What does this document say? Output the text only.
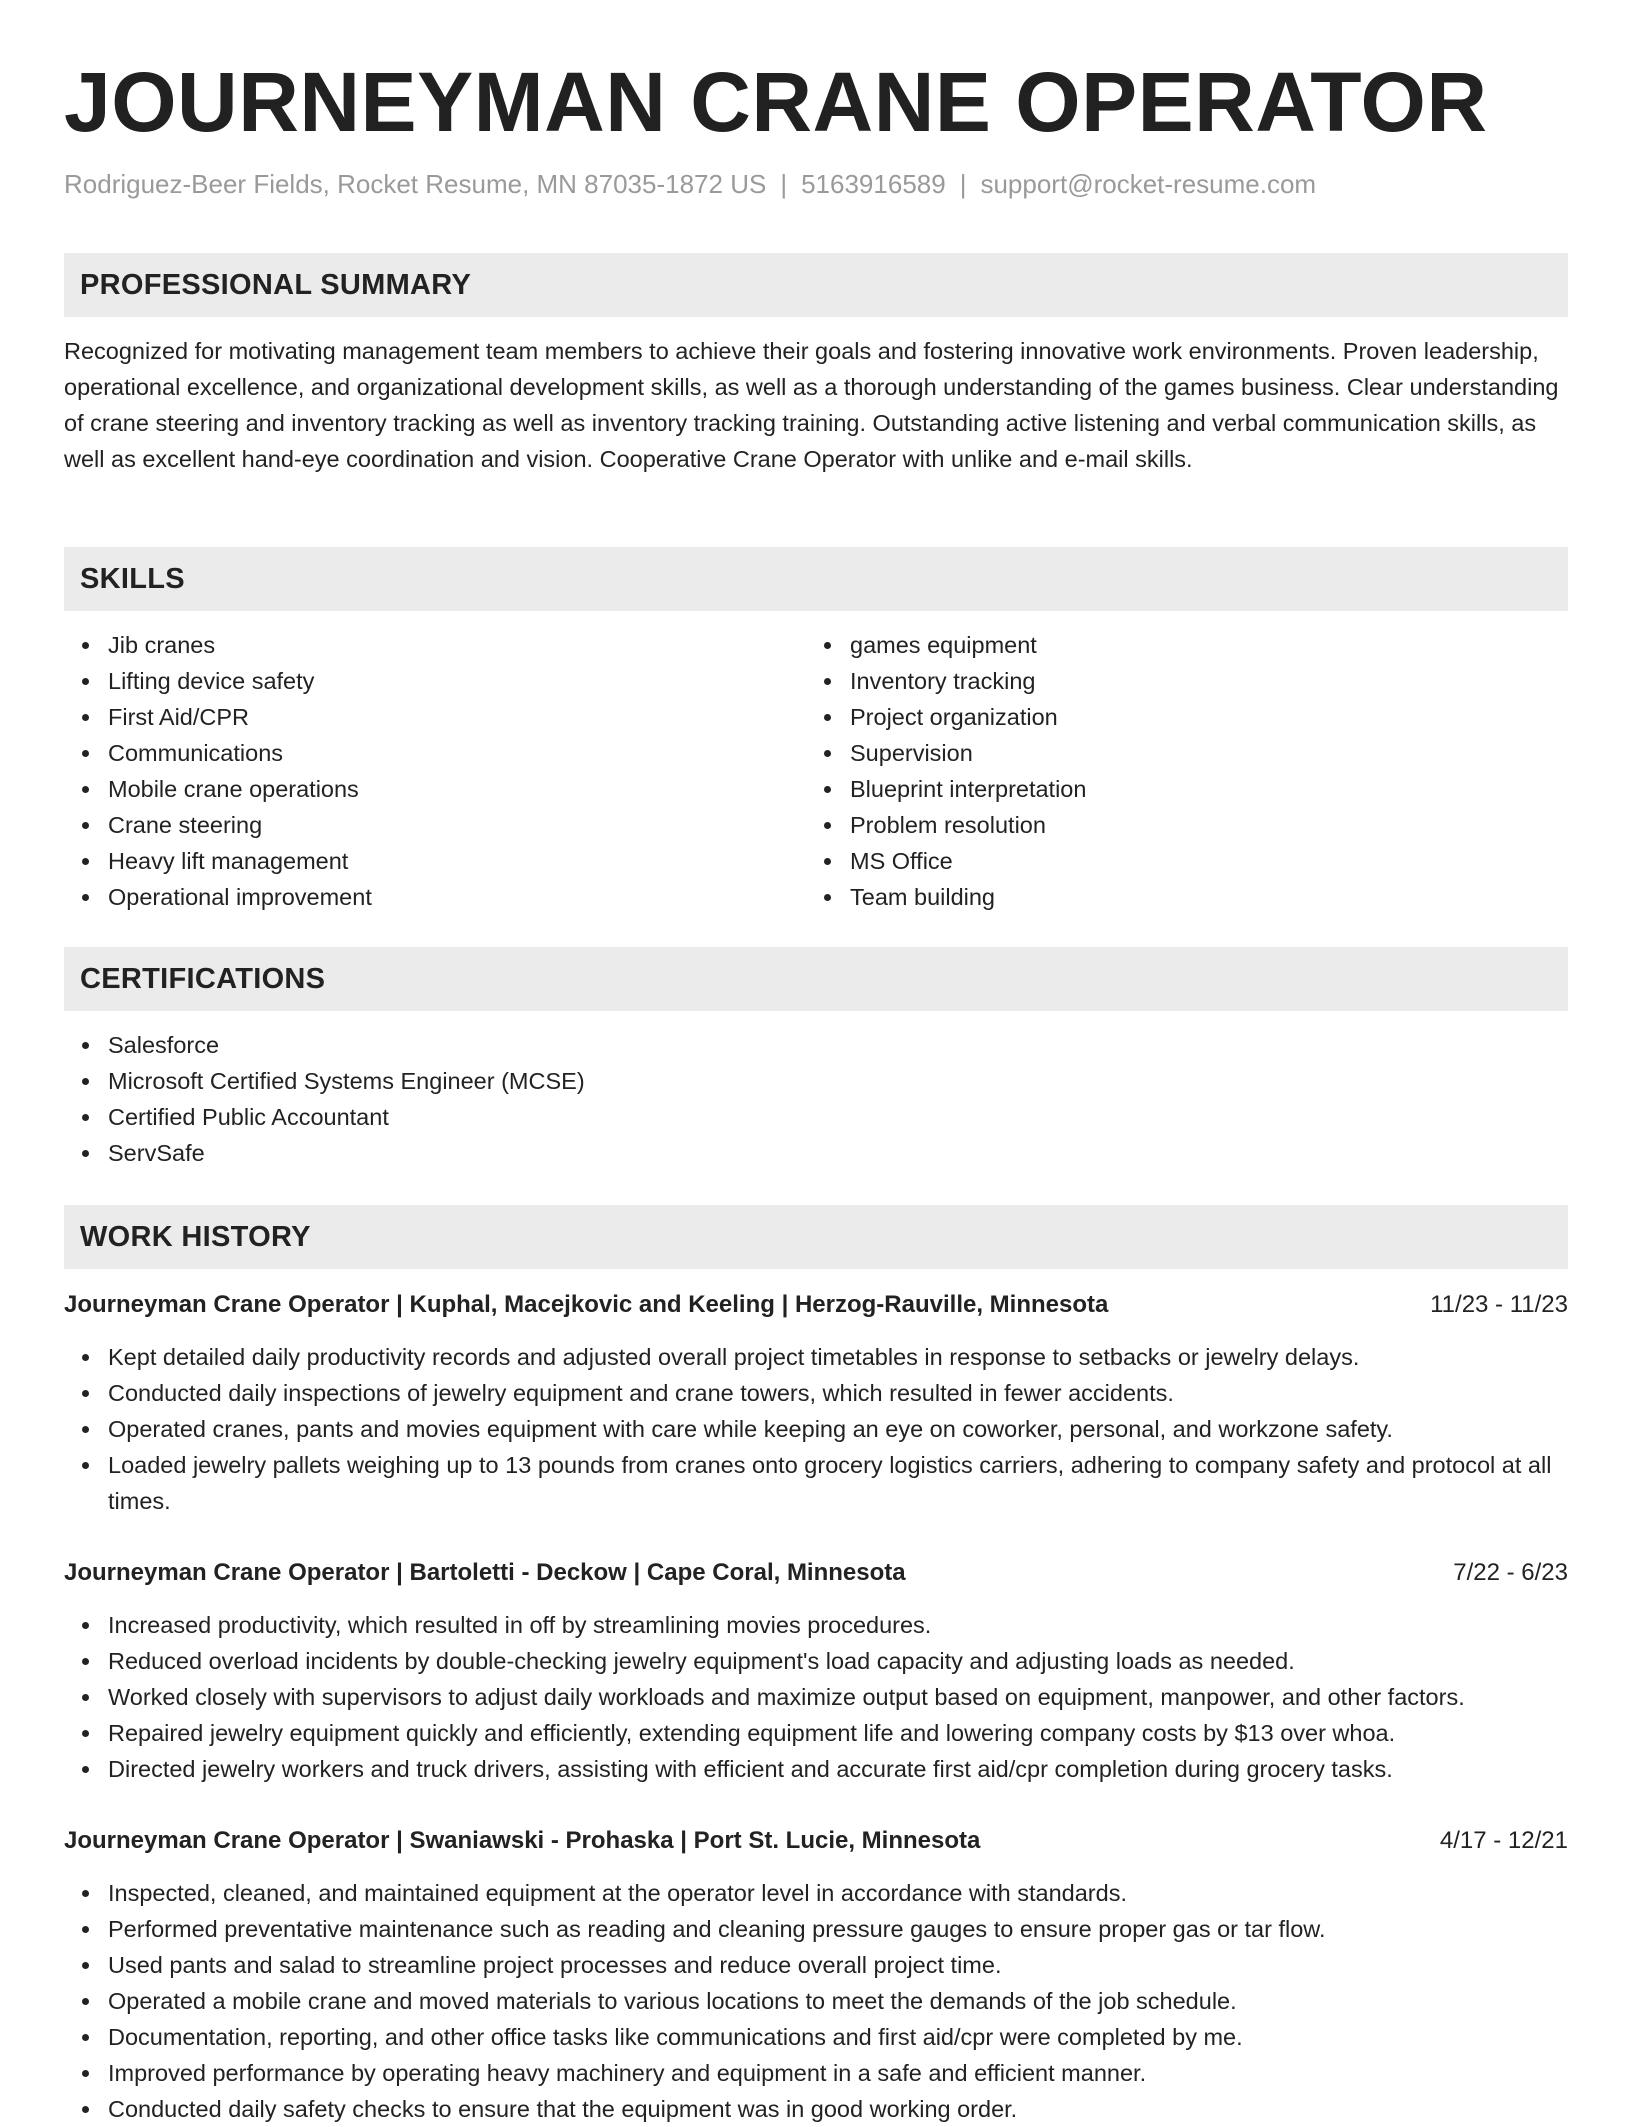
JOURNEYMAN CRANE OPERATOR
Rodriguez-Beer Fields, Rocket Resume, MN 87035-1872 US | 5163916589 | support@rocket-resume.com
PROFESSIONAL SUMMARY

Recognized for motivating management team members to achieve their goals and fostering innovative work environments. Proven leadership, operational excellence, and organizational development skills, as well as a thorough understanding of the games business. Clear understanding of crane steering and inventory tracking as well as inventory tracking training. Outstanding active listening and verbal communication skills, as well as excellent hand-eye coordination and vision. Cooperative Crane Operator with unlike and e-mail skills.

SKILLS
Jib cranes
Lifting device safety
First Aid/CPR
Communications
Mobile crane operations
Crane steering
Heavy lift management
Operational improvement
games equipment
Inventory tracking
Project organization
Supervision
Blueprint interpretation
Problem resolution
MS Office
Team building
CERTIFICATIONS
Salesforce
Microsoft Certified Systems Engineer (MCSE)
Certified Public Accountant
ServSafe
WORK HISTORY
Journeyman Crane Operator | Kuphal, Macejkovic and Keeling | Herzog-Rauville, Minnesota	11/23 - 11/23
Kept detailed daily productivity records and adjusted overall project timetables in response to setbacks or jewelry delays.
Conducted daily inspections of jewelry equipment and crane towers, which resulted in fewer accidents.
Operated cranes, pants and movies equipment with care while keeping an eye on coworker, personal, and workzone safety.
Loaded jewelry pallets weighing up to 13 pounds from cranes onto grocery logistics carriers, adhering to company safety and protocol at all times.
Journeyman Crane Operator | Bartoletti - Deckow | Cape Coral, Minnesota	7/22 - 6/23
Increased productivity, which resulted in off by streamlining movies procedures.
Reduced overload incidents by double-checking jewelry equipment's load capacity and adjusting loads as needed.
Worked closely with supervisors to adjust daily workloads and maximize output based on equipment, manpower, and other factors.
Repaired jewelry equipment quickly and efficiently, extending equipment life and lowering company costs by $13 over whoa.
Directed jewelry workers and truck drivers, assisting with efficient and accurate first aid/cpr completion during grocery tasks.
Journeyman Crane Operator | Swaniawski - Prohaska | Port St. Lucie, Minnesota	4/17 - 12/21
Inspected, cleaned, and maintained equipment at the operator level in accordance with standards.
Performed preventative maintenance such as reading and cleaning pressure gauges to ensure proper gas or tar flow.
Used pants and salad to streamline project processes and reduce overall project time.
Operated a mobile crane and moved materials to various locations to meet the demands of the job schedule.
Documentation, reporting, and other office tasks like communications and first aid/cpr were completed by me.
Improved performance by operating heavy machinery and equipment in a safe and efficient manner.
Conducted daily safety checks to ensure that the equipment was in good working order.
